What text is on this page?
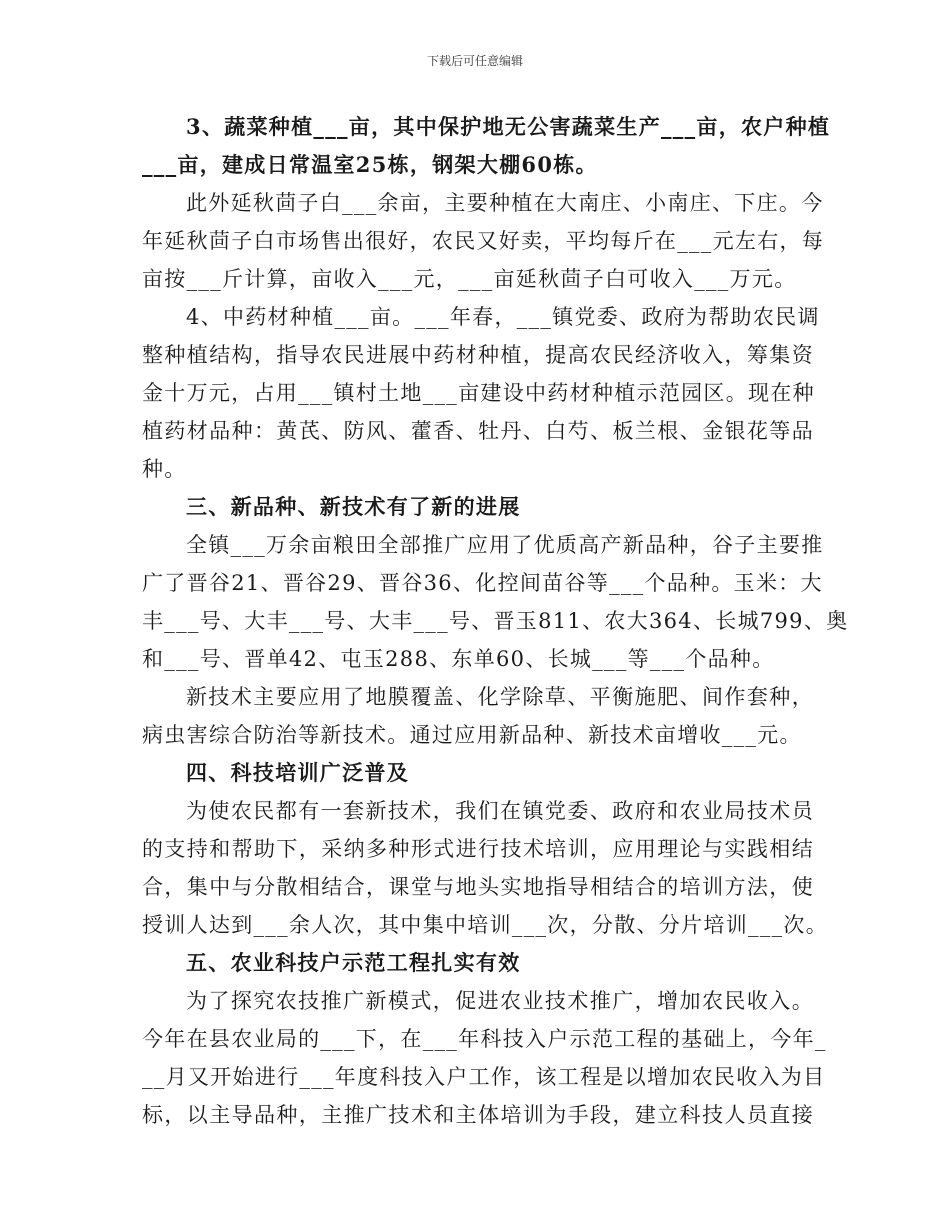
下载后可任意编辑
3、蔬菜种植___亩，其中保护地无公害蔬菜生产___亩，农户种植
___亩，建成日常温室25栋，钢架大棚60栋。
此外延秋茴子白___余亩，主要种植在大南庄、小南庄、下庄。今
年延秋茴子白市场售出很好，农民又好卖，平均每斤在___元左右，每
亩按___斤计算，亩收入___元，___亩延秋茴子白可收入___万元。
4、中药材种植___亩。___年春，___镇党委、政府为帮助农民调
整种植结构，指导农民进展中药材种植，提高农民经济收入，筹集资
金十万元，占用___镇村土地___亩建设中药材种植示范园区。现在种
植药材品种：黄芪、防风、藿香、牡丹、白芍、板兰根、金银花等品
种。
三、新品种、新技术有了新的进展
全镇___万余亩粮田全部推广应用了优质高产新品种，谷子主要推
广了晋谷21、晋谷29、晋谷36、化控间苗谷等___个品种。玉米：大
丰___号、大丰___号、大丰___号、晋玉811、农大364、长城799、奥
和___号、晋单42、屯玉288、东单60、长城___等___个品种。
新技术主要应用了地膜覆盖、化学除草、平衡施肥、间作套种，
病虫害综合防治等新技术。通过应用新品种、新技术亩增收___元。
四、科技培训广泛普及
为使农民都有一套新技术，我们在镇党委、政府和农业局技术员
的支持和帮助下，采纳多种形式进行技术培训，应用理论与实践相结
合，集中与分散相结合，课堂与地头实地指导相结合的培训方法，使
授训人达到___余人次，其中集中培训___次，分散、分片培训___次。
五、农业科技户示范工程扎实有效
为了探究农技推广新模式，促进农业技术推广，增加农民收入。
今年在县农业局的___下，在___年科技入户示范工程的基础上，今年_
__月又开始进行___年度科技入户工作，该工程是以增加农民收入为目
标，以主导品种，主推广技术和主体培训为手段，建立科技人员直接
